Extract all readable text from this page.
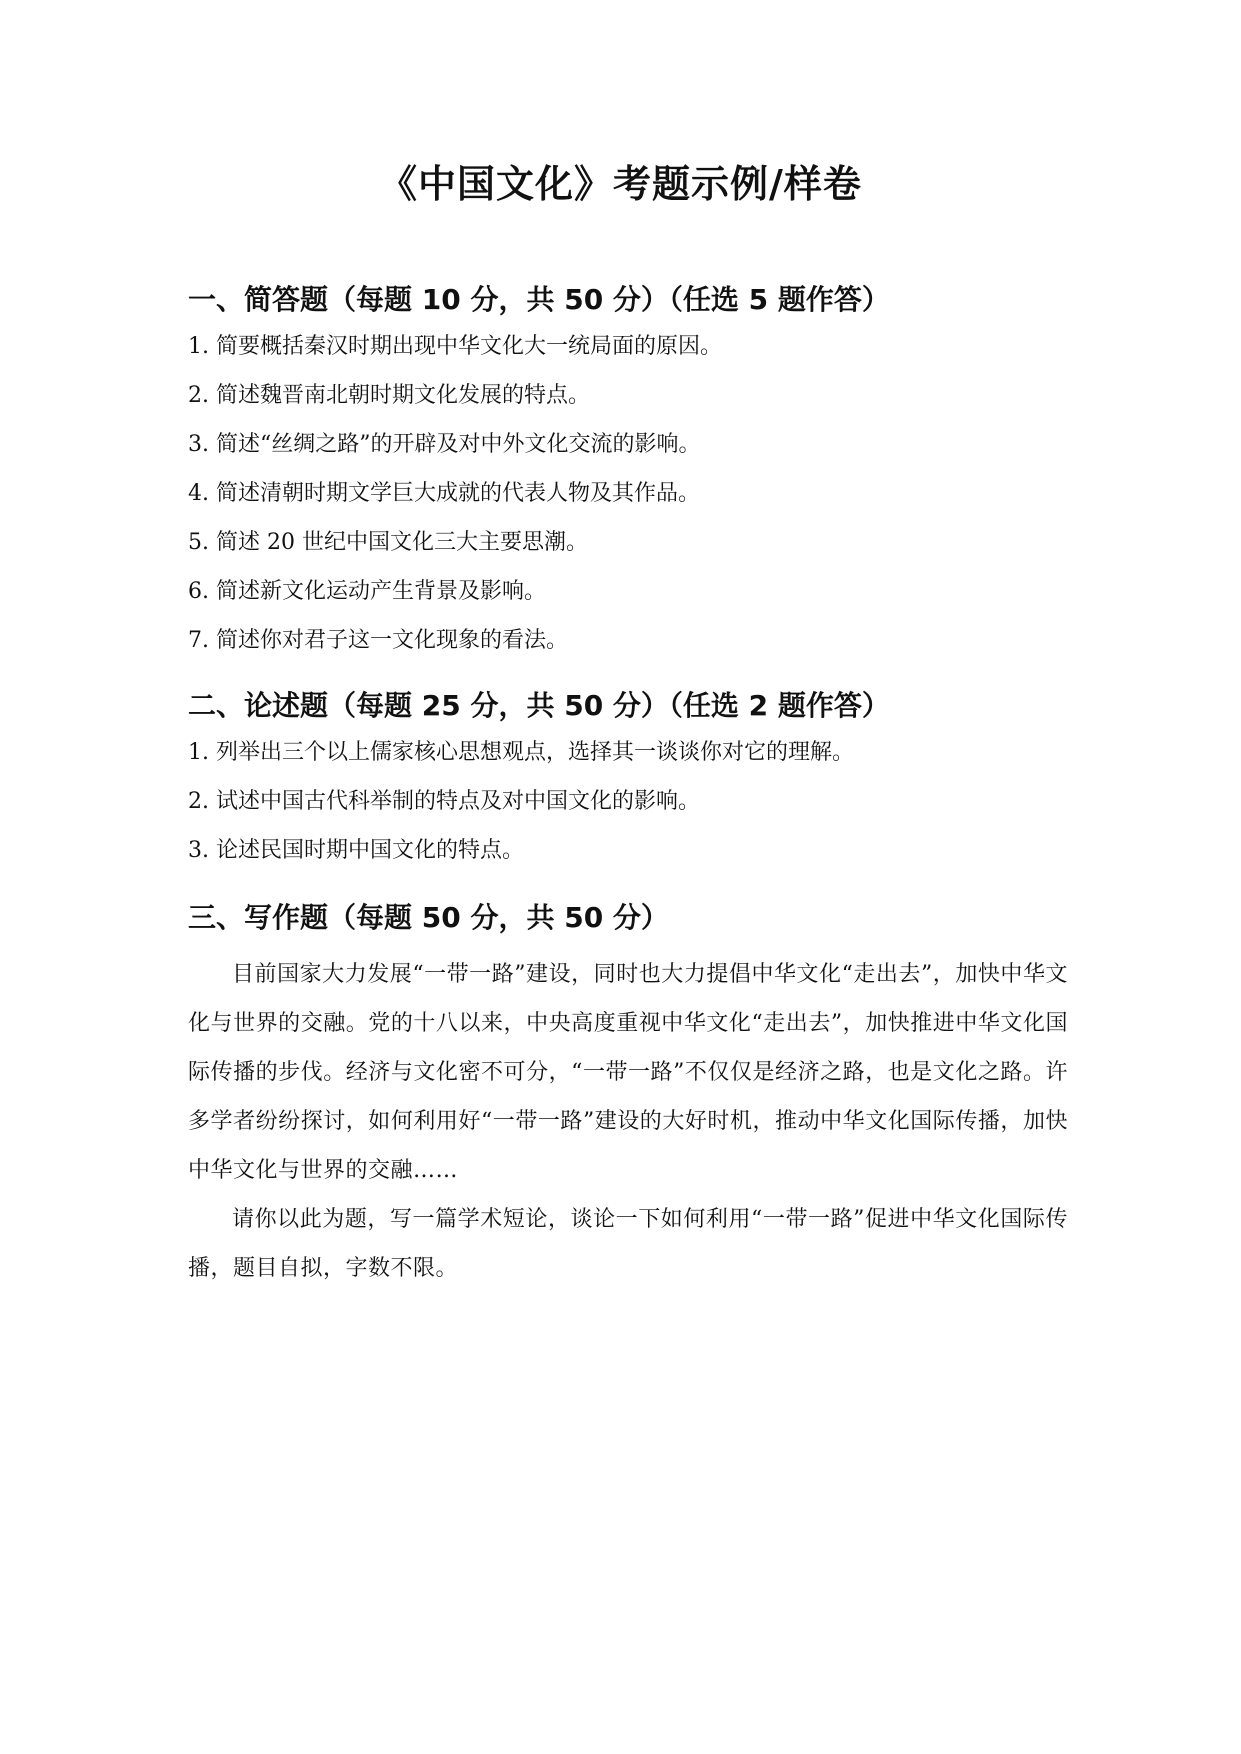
《中国文化》考题示例/样卷
一、简答题（每题 10 分，共 50 分）（任选 5 题作答）
1. 简要概括秦汉时期出现中华文化大一统局面的原因。
2. 简述魏晋南北朝时期文化发展的特点。
3. 简述“丝绸之路”的开辟及对中外文化交流的影响。
4. 简述清朝时期文学巨大成就的代表人物及其作品。
5. 简述 20 世纪中国文化三大主要思潮。
6. 简述新文化运动产生背景及影响。
7. 简述你对君子这一文化现象的看法。
二、论述题（每题 25 分，共 50 分）（任选 2 题作答）
1. 列举出三个以上儒家核心思想观点，选择其一谈谈你对它的理解。
2. 试述中国古代科举制的特点及对中国文化的影响。
3. 论述民国时期中国文化的特点。
三、写作题（每题 50 分，共 50 分）

目前国家大力发展“一带一路”建设，同时也大力提倡中华文化“走出去”，加快中华文化与世界的交融。党的十八以来，中央高度重视中华文化“走出去”，加快推进中华文化国际传播的步伐。经济与文化密不可分，“一带一路”不仅仅是经济之路，也是文化之路。许多学者纷纷探讨，如何利用好“一带一路”建设的大好时机，推动中华文化国际传播，加快中华文化与世界的交融……

请你以此为题，写一篇学术短论，谈论一下如何利用“一带一路”促进中华文化国际传播，题目自拟，字数不限。
